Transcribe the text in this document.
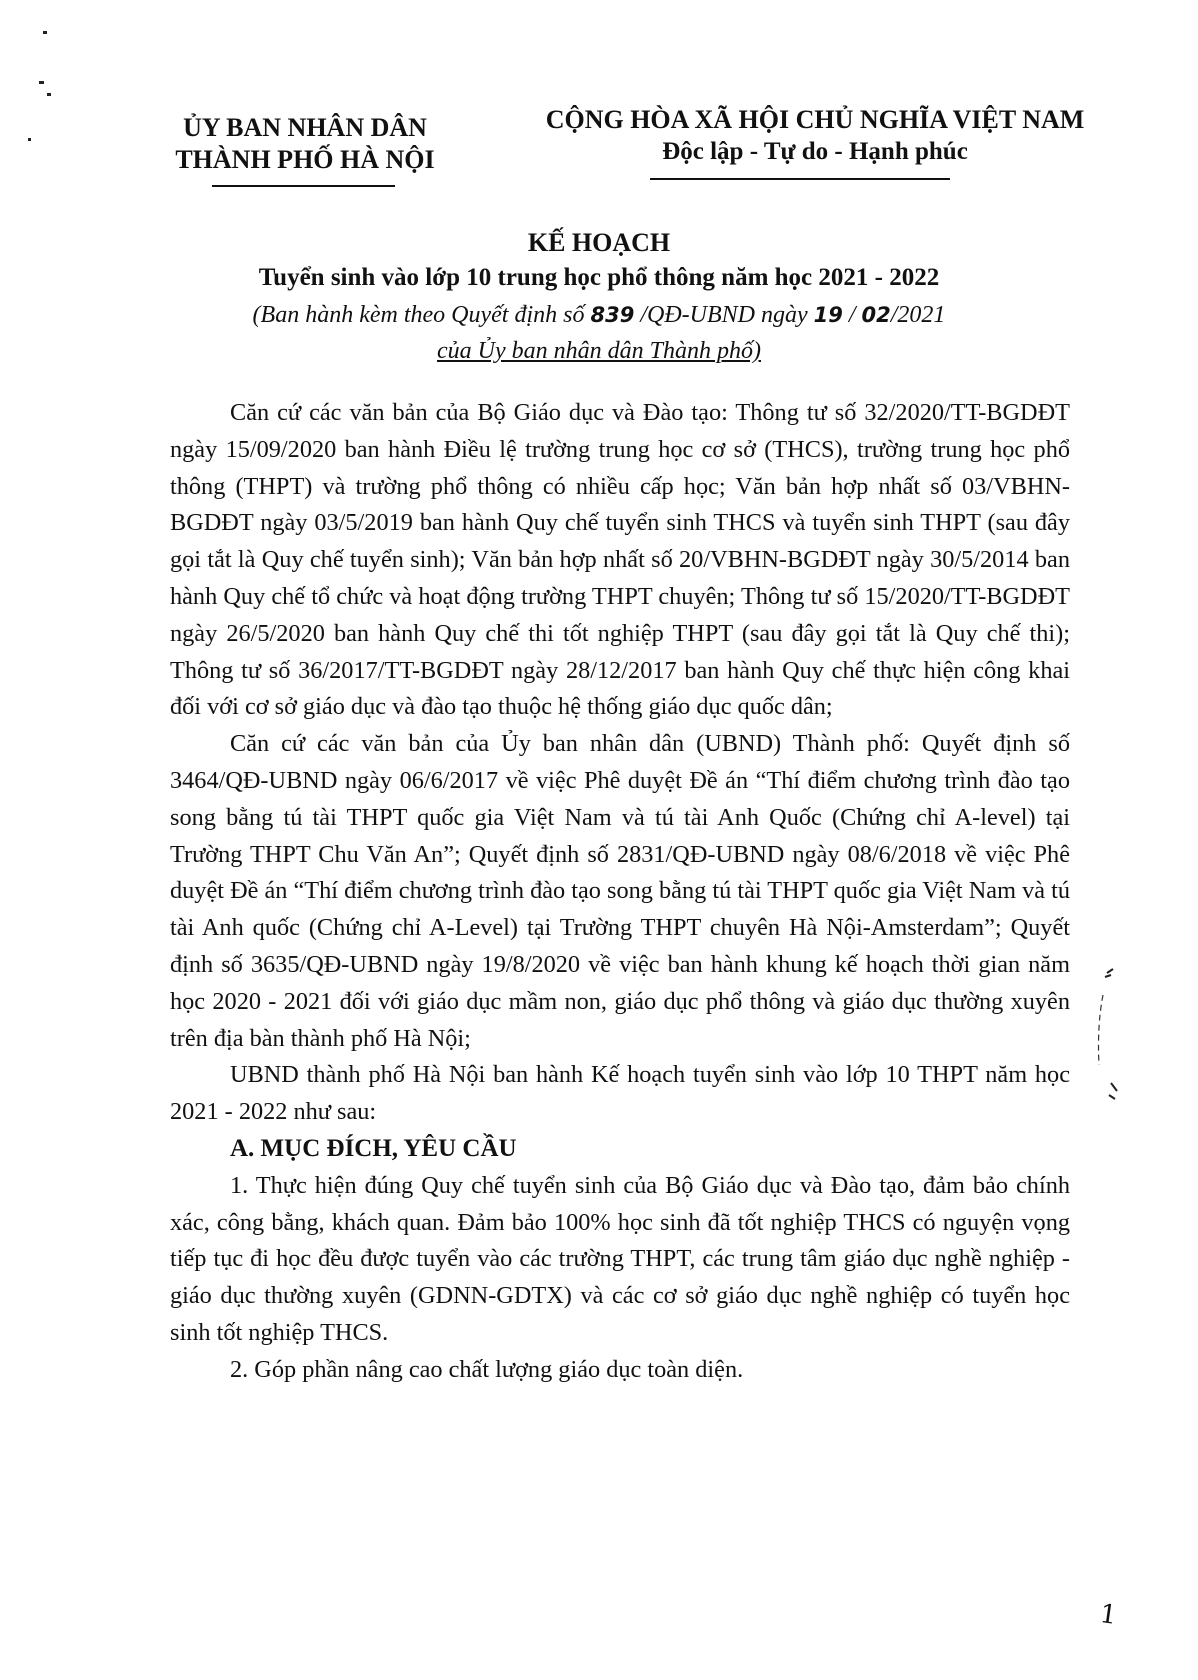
ỦY BAN NHÂN DÂN
THÀNH PHỐ HÀ NỘI
CỘNG HÒA XÃ HỘI CHỦ NGHĨA VIỆT NAM
Độc lập - Tự do - Hạnh phúc
KẾ HOẠCH
Tuyển sinh vào lớp 10 trung học phổ thông năm học 2021 - 2022
(Ban hành kèm theo Quyết định số 839 /QĐ-UBND ngày 19 / 02/2021
của Ủy ban nhân dân Thành phố)

Căn cứ các văn bản của Bộ Giáo dục và Đào tạo: Thông tư số 32/2020/TT-BGDĐT ngày 15/09/2020 ban hành Điều lệ trường trung học cơ sở (THCS), trường trung học phổ thông (THPT) và trường phổ thông có nhiều cấp học; Văn bản hợp nhất số 03/VBHN-BGDĐT ngày 03/5/2019 ban hành Quy chế tuyển sinh THCS và tuyển sinh THPT (sau đây gọi tắt là Quy chế tuyển sinh); Văn bản hợp nhất số 20/VBHN-BGDĐT ngày 30/5/2014 ban hành Quy chế tổ chức và hoạt động trường THPT chuyên; Thông tư số 15/2020/TT-BGDĐT ngày 26/5/2020 ban hành Quy chế thi tốt nghiệp THPT (sau đây gọi tắt là Quy chế thi); Thông tư số 36/2017/TT-BGDĐT ngày 28/12/2017 ban hành Quy chế thực hiện công khai đối với cơ sở giáo dục và đào tạo thuộc hệ thống giáo dục quốc dân;

Căn cứ các văn bản của Ủy ban nhân dân (UBND) Thành phố: Quyết định số 3464/QĐ-UBND ngày 06/6/2017 về việc Phê duyệt Đề án “Thí điểm chương trình đào tạo song bằng tú tài THPT quốc gia Việt Nam và tú tài Anh Quốc (Chứng chỉ A-level) tại Trường THPT Chu Văn An”; Quyết định số 2831/QĐ-UBND ngày 08/6/2018 về việc Phê duyệt Đề án “Thí điểm chương trình đào tạo song bằng tú tài THPT quốc gia Việt Nam và tú tài Anh quốc (Chứng chỉ A-Level) tại Trường THPT chuyên Hà Nội-Amsterdam”; Quyết định số 3635/QĐ-UBND ngày 19/8/2020 về việc ban hành khung kế hoạch thời gian năm học 2020 - 2021 đối với giáo dục mầm non, giáo dục phổ thông và giáo dục thường xuyên trên địa bàn thành phố Hà Nội;

UBND thành phố Hà Nội ban hành Kế hoạch tuyển sinh vào lớp 10 THPT năm học 2021 - 2022 như sau:

A. MỤC ĐÍCH, YÊU CẦU

1. Thực hiện đúng Quy chế tuyển sinh của Bộ Giáo dục và Đào tạo, đảm bảo chính xác, công bằng, khách quan. Đảm bảo 100% học sinh đã tốt nghiệp THCS có nguyện vọng tiếp tục đi học đều được tuyển vào các trường THPT, các trung tâm giáo dục nghề nghiệp - giáo dục thường xuyên (GDNN-GDTX) và các cơ sở giáo dục nghề nghiệp có tuyển học sinh tốt nghiệp THCS.

2. Góp phần nâng cao chất lượng giáo dục toàn diện.

1
